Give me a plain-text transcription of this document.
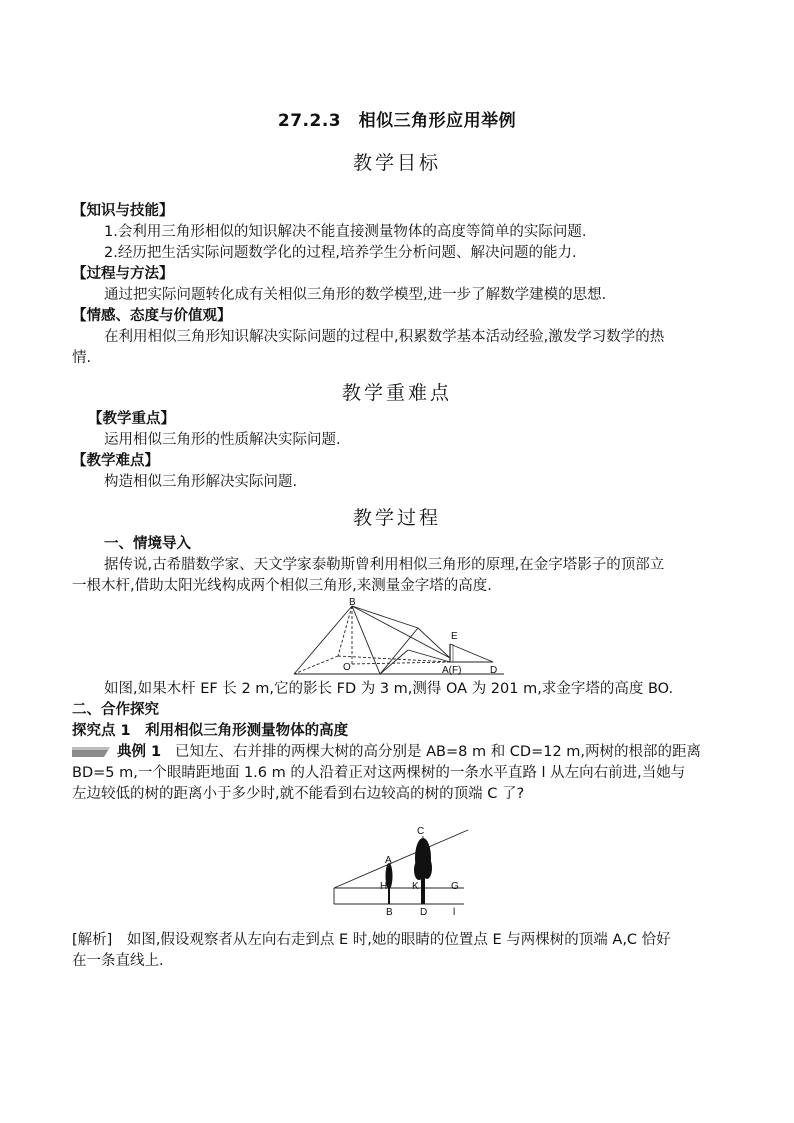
27.2.3　相似三角形应用举例
教学目标
【知识与技能】
1.会利用三角形相似的知识解决不能直接测量物体的高度等简单的实际问题.
2.经历把生活实际问题数学化的过程,培养学生分析问题、解决问题的能力.
【过程与方法】
通过把实际问题转化成有关相似三角形的数学模型,进一步了解数学建模的思想.
【情感、态度与价值观】
在利用相似三角形知识解决实际问题的过程中,积累数学基本活动经验,激发学习数学的热
情.
教学重难点
【教学重点】
运用相似三角形的性质解决实际问题.
【教学难点】
构造相似三角形解决实际问题.
教学过程
一、情境导入
据传说,古希腊数学家、天文学家泰勒斯曾利用相似三角形的原理,在金字塔影子的顶部立
一根木杆,借助太阳光线构成两个相似三角形,来测量金字塔的高度.
B
E
O	A(F)	D
如图,如果木杆 EF 长 2 m,它的影长 FD 为 3 m,测得 OA 为 201 m,求金字塔的高度 BO.
二、合作探究
探究点 1　利用相似三角形测量物体的高度
典例 1 已知左、右并排的两棵大树的高分别是 AB=8 m 和 CD=12 m,两树的根部的距离
BD=5 m,一个眼睛距地面 1.6 m 的人沿着正对这两棵树的一条水平直路 l 从左向右前进,当她与
左边较低的树的距离小于多少时,就不能看到右边较高的树的顶端 C 了?
C
A
H K	G
B	D	l
[解析]　如图,假设观察者从左向右走到点 E 时,她的眼睛的位置点 E 与两棵树的顶端 A,C 恰好
在一条直线上.
